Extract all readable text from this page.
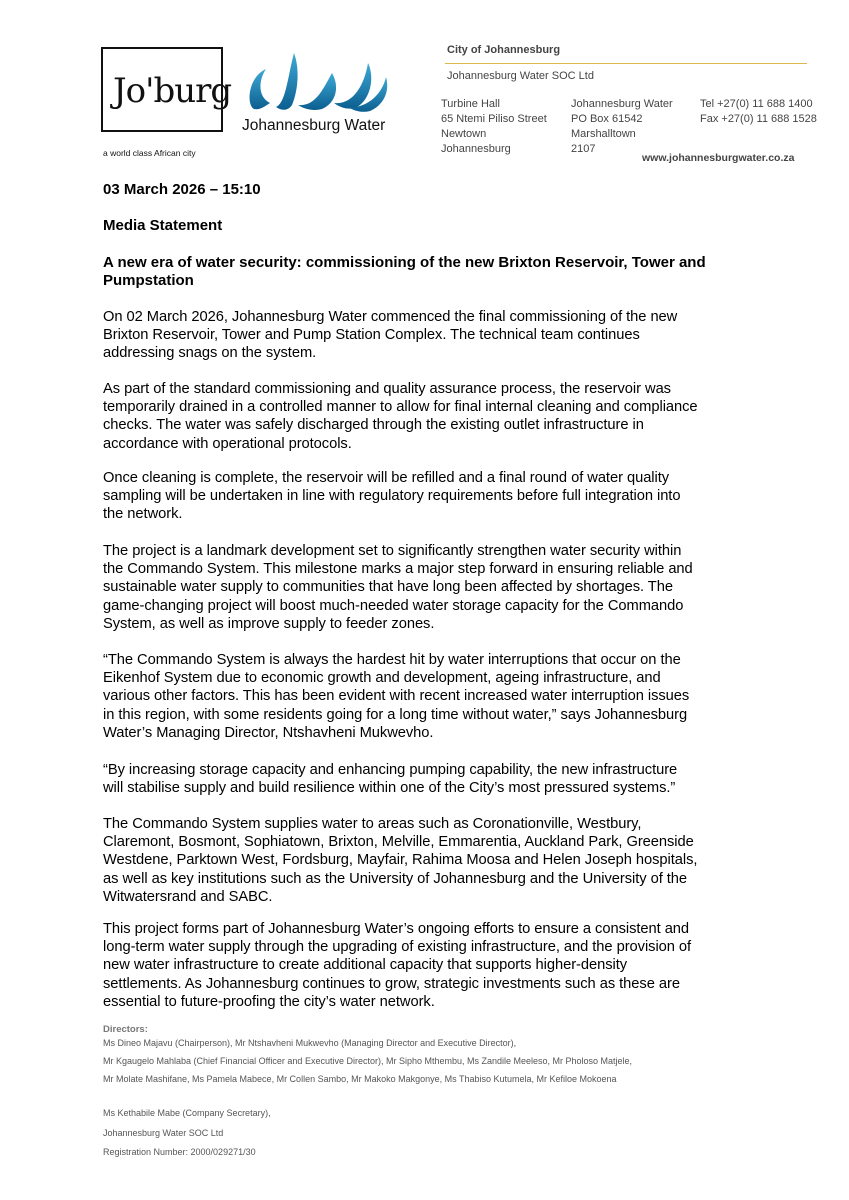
Jo'burg
a world class African city
Johannesburg Water
City of Johannesburg
Johannesburg Water SOC Ltd
Turbine Hall
65 Ntemi Piliso Street
Newtown
Johannesburg
Johannesburg Water
PO Box 61542
Marshalltown
2107
Tel +27(0) 11 688 1400
Fax +27(0) 11 688 1528
www.johannesburgwater.co.za
03 March 2026 – 15:10
Media Statement
A new era of water security: commissioning of the new Brixton Reservoir, Tower and
Pumpstation
On 02 March 2026, Johannesburg Water commenced the final commissioning of the new
Brixton Reservoir, Tower and Pump Station Complex. The technical team continues
addressing snags on the system.
As part of the standard commissioning and quality assurance process, the reservoir was
temporarily drained in a controlled manner to allow for final internal cleaning and compliance
checks. The water was safely discharged through the existing outlet infrastructure in
accordance with operational protocols.
Once cleaning is complete, the reservoir will be refilled and a final round of water quality
sampling will be undertaken in line with regulatory requirements before full integration into
the network.
The project is a landmark development set to significantly strengthen water security within
the Commando System. This milestone marks a major step forward in ensuring reliable and
sustainable water supply to communities that have long been affected by shortages. The
game-changing project will boost much-needed water storage capacity for the Commando
System, as well as improve supply to feeder zones.
“The Commando System is always the hardest hit by water interruptions that occur on the
Eikenhof System due to economic growth and development, ageing infrastructure, and
various other factors. This has been evident with recent increased water interruption issues
in this region, with some residents going for a long time without water,” says Johannesburg
Water’s Managing Director, Ntshavheni Mukwevho.
“By increasing storage capacity and enhancing pumping capability, the new infrastructure
will stabilise supply and build resilience within one of the City’s most pressured systems.”
The Commando System supplies water to areas such as Coronationville, Westbury,
Claremont, Bosmont, Sophiatown, Brixton, Melville, Emmarentia, Auckland Park, Greenside
Westdene, Parktown West, Fordsburg, Mayfair, Rahima Moosa and Helen Joseph hospitals,
as well as key institutions such as the University of Johannesburg and the University of the
Witwatersrand and SABC.
This project forms part of Johannesburg Water’s ongoing efforts to ensure a consistent and
long-term water supply through the upgrading of existing infrastructure, and the provision of
new water infrastructure to create additional capacity that supports higher-density
settlements. As Johannesburg continues to grow, strategic investments such as these are
essential to future-proofing the city’s water network.
Directors:
Ms Dineo Majavu (Chairperson), Mr Ntshavheni Mukwevho (Managing Director and Executive Director),
Mr Kgaugelo Mahlaba (Chief Financial Officer and Executive Director), Mr Sipho Mthembu, Ms Zandile Meeleso, Mr Pholoso Matjele,
Mr Molate Mashifane, Ms Pamela Mabece, Mr Collen Sambo, Mr Makoko Makgonye, Ms Thabiso Kutumela, Mr Kefiloe Mokoena
Ms Kethabile Mabe (Company Secretary),
Johannesburg Water SOC Ltd
Registration Number: 2000/029271/30
